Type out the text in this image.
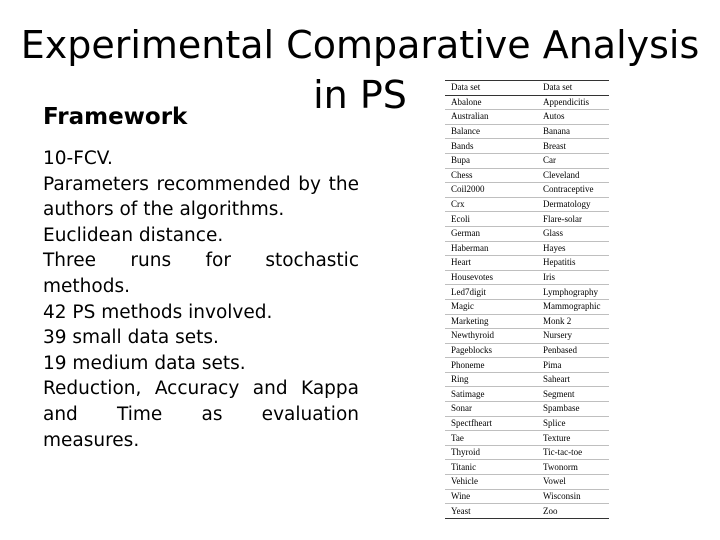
Experimental Comparative Analysis
in PS
Framework
10-FCV.
Parameters recommended by the authors of the algorithms.
Euclidean distance.
Three runs for stochastic methods.
42 PS methods involved.
39 small data sets.
19 medium data sets.
Reduction, Accuracy and Kappa and Time as evaluation measures.
Data set	Data set
Abalone	Appendicitis
Australian	Autos
Balance	Banana
Bands	Breast
Bupa	Car
Chess	Cleveland
Coil2000	Contraceptive
Crx	Dermatology
Ecoli	Flare-solar
German	Glass
Haberman	Hayes
Heart	Hepatitis
Housevotes	Iris
Led7digit	Lymphography
Magic	Mammographic
Marketing	Monk 2
Newthyroid	Nursery
Pageblocks	Penbased
Phoneme	Pima
Ring	Saheart
Satimage	Segment
Sonar	Spambase
Spectfheart	Splice
Tae	Texture
Thyroid	Tic-tac-toe
Titanic	Twonorm
Vehicle	Vowel
Wine	Wisconsin
Yeast	Zoo
